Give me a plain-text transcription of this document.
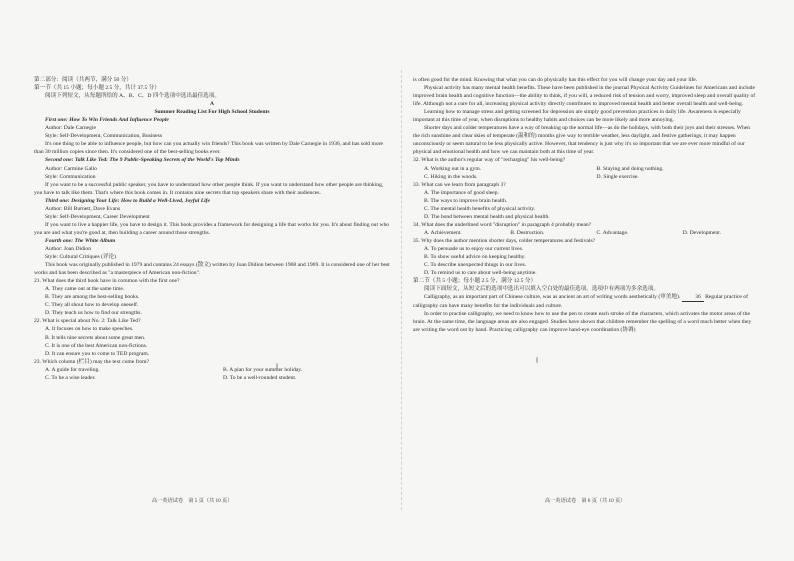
第二部分：阅读（共两节，满分 50 分）

第一节（共 15 小题；每小题 2.5 分，共计 37.5 分）

阅读下列短文，从每题所给的 A、B、C、D 四个选项中选出最佳选项。

A

Summer Reading List For High School Students

First one: How To Win Friends And Influence People

Author: Dale Carnegie

Style: Self-Development, Communication, Business

It's one thing to be able to influence people, but how can you actually win friends? This book was written by Dale Carnegie in 1936, and has sold more than 30 million copies since then. It's considered one of the best-selling books ever.

Second one: Talk Like Ted: The 9 Public-Speaking Secrets of the World's Top Minds

Author: Carmine Gallo

Style: Communication

If you want to be a successful public speaker, you have to understand how other people think. If you want to understand how other people are thinking, you have to talk like them. That's where this book comes in. It contains nine secrets that top speakers share with their audiences.

Third one: Designing Your Life: How to Build a Well-Lived, Joyful Life

Author: Bill Burnett, Dave Evans

Style: Self-Development, Career Development

If you want to live a happier life, you have to design it. This book provides a framework for designing a life that works for you. It's about finding out who you are and what you're good at, then building a career around those strengths.

Fourth one: The White Album

Author: Joan Didion

Style: Cultural Critiques (评论)

This book was originally published in 1979 and contains 24 essays (散文) written by Joan Didion between 1968 and 1969. It is considered one of her best works and has been described as "a masterpiece of American non-fiction".

21. What does the third book have in common with the first one?

A. They came out at the same time.

B. They are among the best-selling books.

C. They all shout how to develop oneself.

D. They teach us how to find our strengths.

22. What is special about No. 2: Talk Like Ted?

A. It focuses on how to make speeches.

B. It tells nine secrets about some great men.

C. It is one of the best American non-fictions.

D. It can ensure you to come to TED program.

23. Which column (栏目) may the text come from?

A. A guide for traveling.	B. A plan for your summer holiday.
C. To be a wise leader.	D. To be a well-rounded student.

is often good for the mind. Knowing that what you can do physically has this effect for you will change your day and your life.

Physical activity has many mental health benefits. These have been published in the journal Physical Activity Guidelines for Americans and include improved brain health and cognitive function—the ability to think, if you will, a reduced risk of tension and worry, improved sleep and overall quality of life. Although not a cure for all, increasing physical activity directly contributes to improved mental health and better overall health and well-being.

Learning how to manage stress and getting screened for depression are simply good prevention practices in daily life. Awareness is especially important at this time of year, when disruptions to healthy habits and choices can be more likely and more annoying.

Shorter days and colder temperatures have a way of breaking up the normal life—as do the holidays, with both their joys and their stresses. When the rich sunshine and clear skies of temperate (温和的) months give way to terrible weather, less daylight, and festive gatherings, it may happen unconsciously or seem natural to be less physically active. However, that tendency is just why it's so important that we are ever more mindful of our physical and emotional health and how we can maintain both at this time of year.

32. What is the author's regular way of "recharging" his well-being?

A. Working out in a gym.	B. Staying and doing nothing.
C. Hiking in the woods.	D. Single exercise.

33. What can we learn from paragraph 3?

A. The importance of good sleep.

B. The ways to improve brain health.

C. The mental health benefits of physical activity.

D. The bond between mental health and physical health.

34. What does the underlined word "disruption" in paragraph 4 probably mean?

A. Achievement.	B. Destruction.	C. Advantage.	D. Development.

35. Why does the author mention shorter days, colder temperatures and festivals?

A. To persuade us to enjoy our current lives.

B. To show useful advice on keeping healthy.

C. To describe unexpected things in our lives.

D. To remind us to care about well-being anytime.

第二节（共 5 小题；每小题 2.5 分，满分 12.5 分）

阅读下面短文，从短文后的选项中选出可以填入空白处的最佳选项。选项中有两项为多余选项。

Calligraphy, as an important part of Chinese culture, was as ancient an art of writing words aesthetically (审美地).	36 Regular practice of calligraphy can have many benefits for the individuals and culture.

In order to practise calligraphy, we need to know how to use the pen to create each stroke of the characters, which activates the motor areas of the brain. At the same time, the language areas are also engaged. Studies have shown that children remember the spelling of a word much better when they are writing the word out by hand. Practicing calligraphy can improve hand-eye coordination (协调)

高一英语试卷　第 5 页（共 10 页）	高一英语试卷　第 6 页（共 10 页）
